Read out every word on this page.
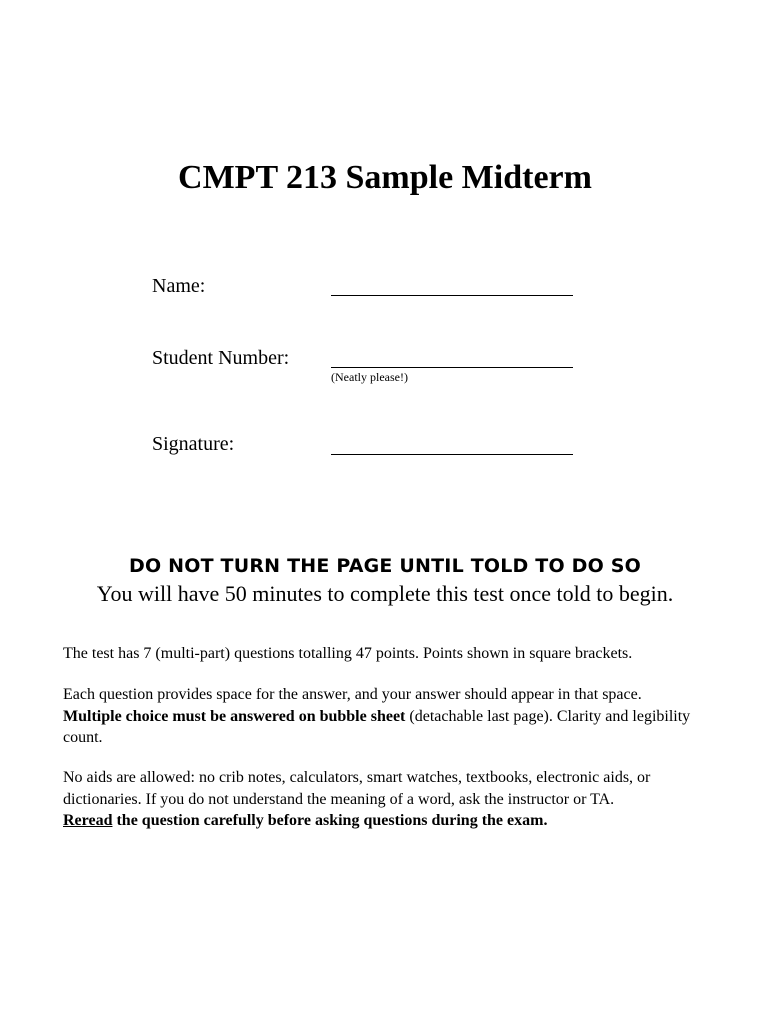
CMPT 213 Sample Midterm
Name:
Student Number:
(Neatly please!)
Signature:
DO NOT TURN THE PAGE UNTIL TOLD TO DO SO
You will have 50 minutes to complete this test once told to begin.
The test has 7 (multi-part) questions totalling 47 points. Points shown in square brackets.
Each question provides space for the answer, and your answer should appear in that space.
Multiple choice must be answered on bubble sheet (detachable last page). Clarity and legibility count.
No aids are allowed: no crib notes, calculators, smart watches, textbooks, electronic aids, or dictionaries. If you do not understand the meaning of a word, ask the instructor or TA.
Reread the question carefully before asking questions during the exam.
